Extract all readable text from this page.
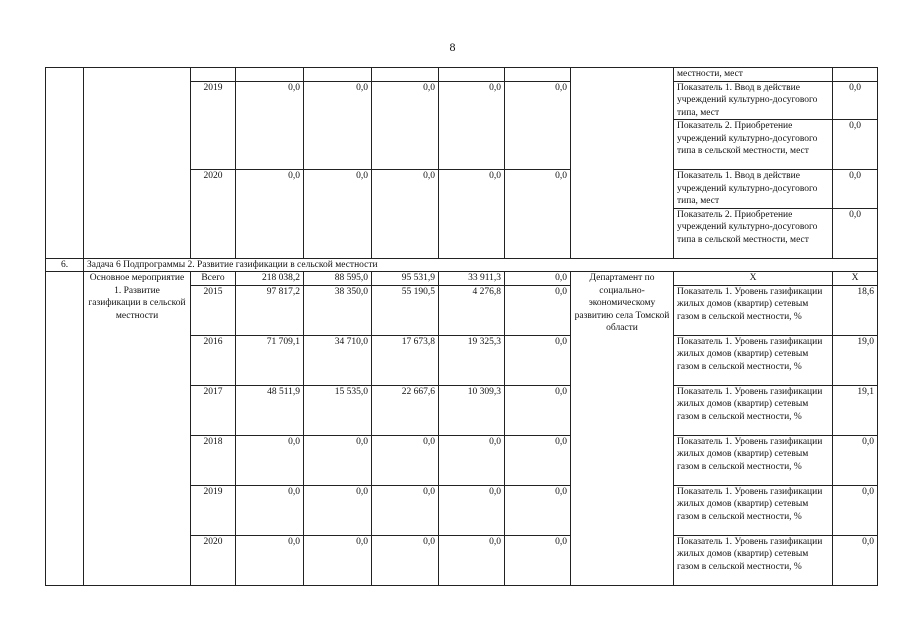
8
									местности, мест	
		2019	0,0	0,0	0,0	0,0	0,0		Показатель 1. Ввод в действие учреждений культурно-досугового типа, мест	0,0
									Показатель 2. Приобретение учреждений культурно-досугового типа в сельской местности, мест	0,0
		2020	0,0	0,0	0,0	0,0	0,0		Показатель 1. Ввод в действие учреждений культурно-досугового типа, мест	0,0
									Показатель 2. Приобретение учреждений культурно-досугового типа в сельской местности, мест	0,0
6.	Задача 6 Подпрограммы 2. Развитие газификации в сельской местности									
	Основное мероприятие 1. Развитие газификации в сельской местности	Всего	218 038,2	88 595,0	95 531,9	33 911,3	0,0	Департамент по социально-экономическому развитию села Томской области	Х	Х
		2015	97 817,2	38 350,0	55 190,5	4 276,8	0,0		Показатель 1. Уровень газификации жилых домов (квартир) сетевым газом в сельской местности, %	18,6
		2016	71 709,1	34 710,0	17 673,8	19 325,3	0,0		Показатель 1. Уровень газификации жилых домов (квартир) сетевым газом в сельской местности, %	19,0
		2017	48 511,9	15 535,0	22 667,6	10 309,3	0,0		Показатель 1. Уровень газификации жилых домов (квартир) сетевым газом в сельской местности, %	19,1
		2018	0,0	0,0	0,0	0,0	0,0		Показатель 1. Уровень газификации жилых домов (квартир) сетевым газом в сельской местности, %	0,0
		2019	0,0	0,0	0,0	0,0	0,0		Показатель 1. Уровень газификации жилых домов (квартир) сетевым газом в сельской местности, %	0,0
		2020	0,0	0,0	0,0	0,0	0,0		Показатель 1. Уровень газификации жилых домов (квартир) сетевым газом в сельской местности, %	0,0
